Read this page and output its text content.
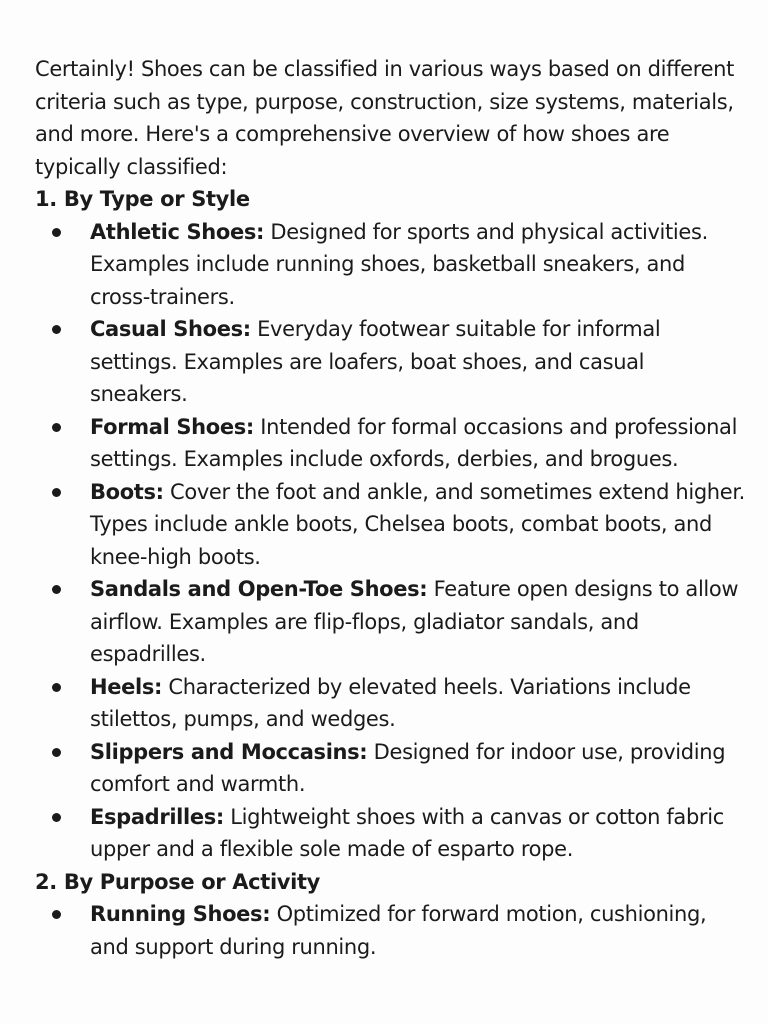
Certainly! Shoes can be classified in various ways based on different criteria such as type, purpose, construction, size systems, materials, and more. Here's a comprehensive overview of how shoes are typically classified:

1. By Type or Style
Athletic Shoes: Designed for sports and physical activities. Examples include running shoes, basketball sneakers, and cross-trainers.
Casual Shoes: Everyday footwear suitable for informal settings. Examples are loafers, boat shoes, and casual sneakers.
Formal Shoes: Intended for formal occasions and professional settings. Examples include oxfords, derbies, and brogues.
Boots: Cover the foot and ankle, and sometimes extend higher. Types include ankle boots, Chelsea boots, combat boots, and knee-high boots.
Sandals and Open-Toe Shoes: Feature open designs to allow airflow. Examples are flip-flops, gladiator sandals, and espadrilles.
Heels: Characterized by elevated heels. Variations include stilettos, pumps, and wedges.
Slippers and Moccasins: Designed for indoor use, providing comfort and warmth.
Espadrilles: Lightweight shoes with a canvas or cotton fabric upper and a flexible sole made of esparto rope.
2. By Purpose or Activity
Running Shoes: Optimized for forward motion, cushioning, and support during running.
